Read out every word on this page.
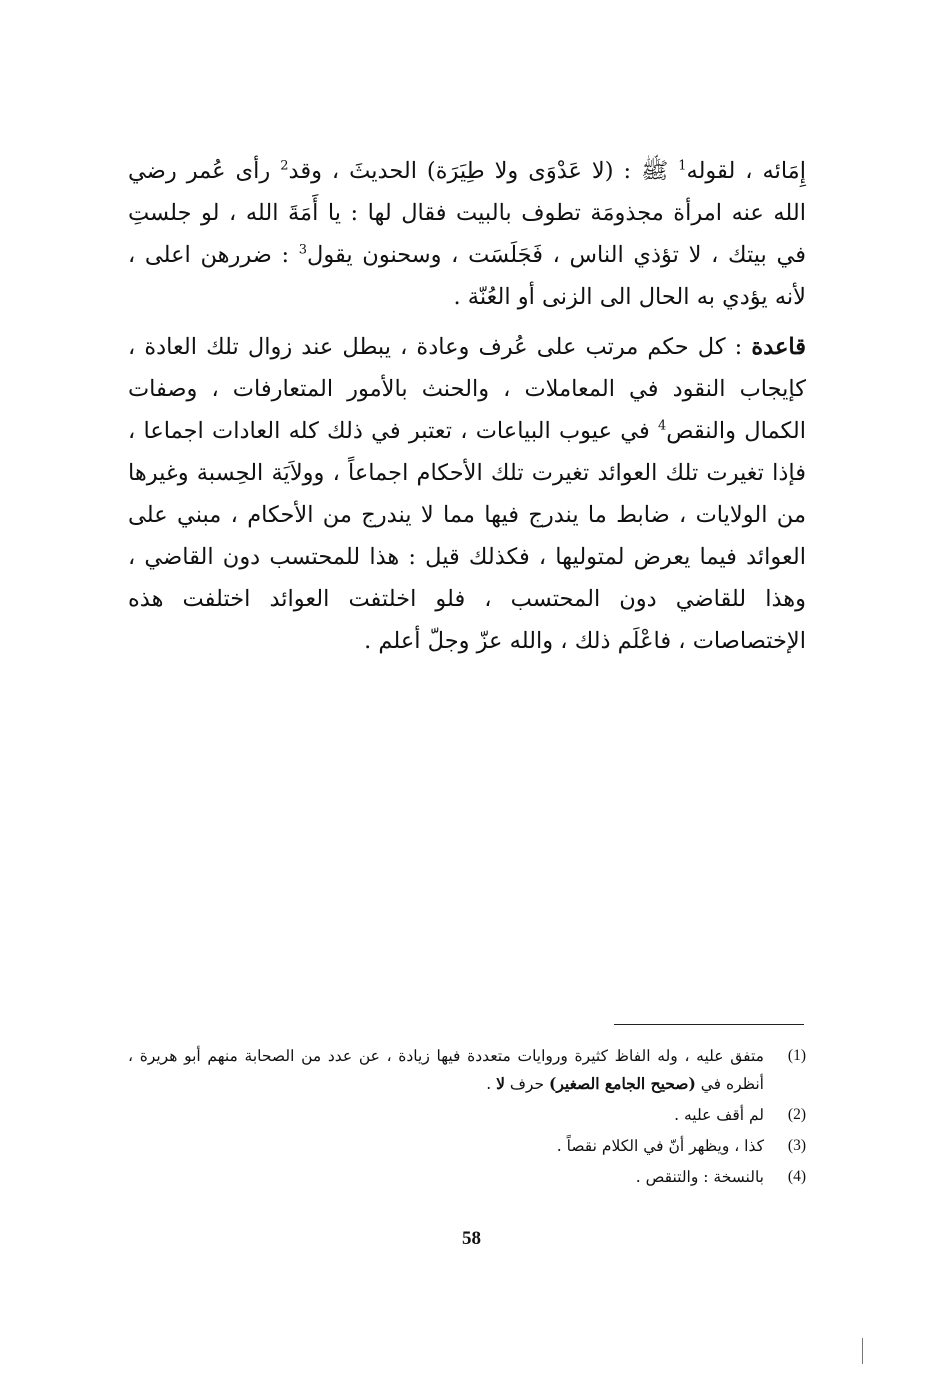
إِمَائه ، لقوله$^1$ ﷺ : (لا عَدْوَى ولا طِيَرَة) الحديثَ ، وقد$^2$ رأى عُمر رضي الله عنه امرأة مجذومَة تطوف بالبيت فقال لها : يا أَمَةَ الله ، لو جلستِ في بيتك ، لا تؤذي الناس ، فَجَلَسَت ، وسحنون يقول$^3$ : ضررهن اعلى ، لأنه يؤدي به الحال الى الزنى أو العُنّة .

قاعدة : كل حكم مرتب على عُرف وعادة ، يبطل عند زوال تلك العادة ، كإيجاب النقود في المعاملات ، والحنث بالأمور المتعارفات ، وصفات الكمال والنقص$^4$ في عيوب البياعات ، تعتبر في ذلك كله العادات اجماعا ، فإذا تغيرت تلك العوائد تغيرت تلك الأحكام اجماعاً ، وولاَيَة الحِسبة وغيرها من الولايات ، ضابط ما يندرج فيها مما لا يندرج من الأحكام ، مبني على العوائد فيما يعرض لمتوليها ، فكذلك قيل : هذا للمحتسب دون القاضي ، وهذا للقاضي دون المحتسب ، فلو اخلتفت العوائد اختلفت هذه الإختصاصات ، فاعْلَم ذلك ، والله عزّ وجلّ أعلم .

(1)
متفق عليه ، وله الفاظ كثيرة وروايات متعددة فيها زيادة ، عن عدد من الصحابة منهم أبو هريرة ، أنظره في (صحيح الجامع الصغير) حرف لا .
(2)
لم أقف عليه .
(3)
كذا ، ويظهر أنّ في الكلام نقصاً .
(4)
بالنسخة : والتنقص .
58
